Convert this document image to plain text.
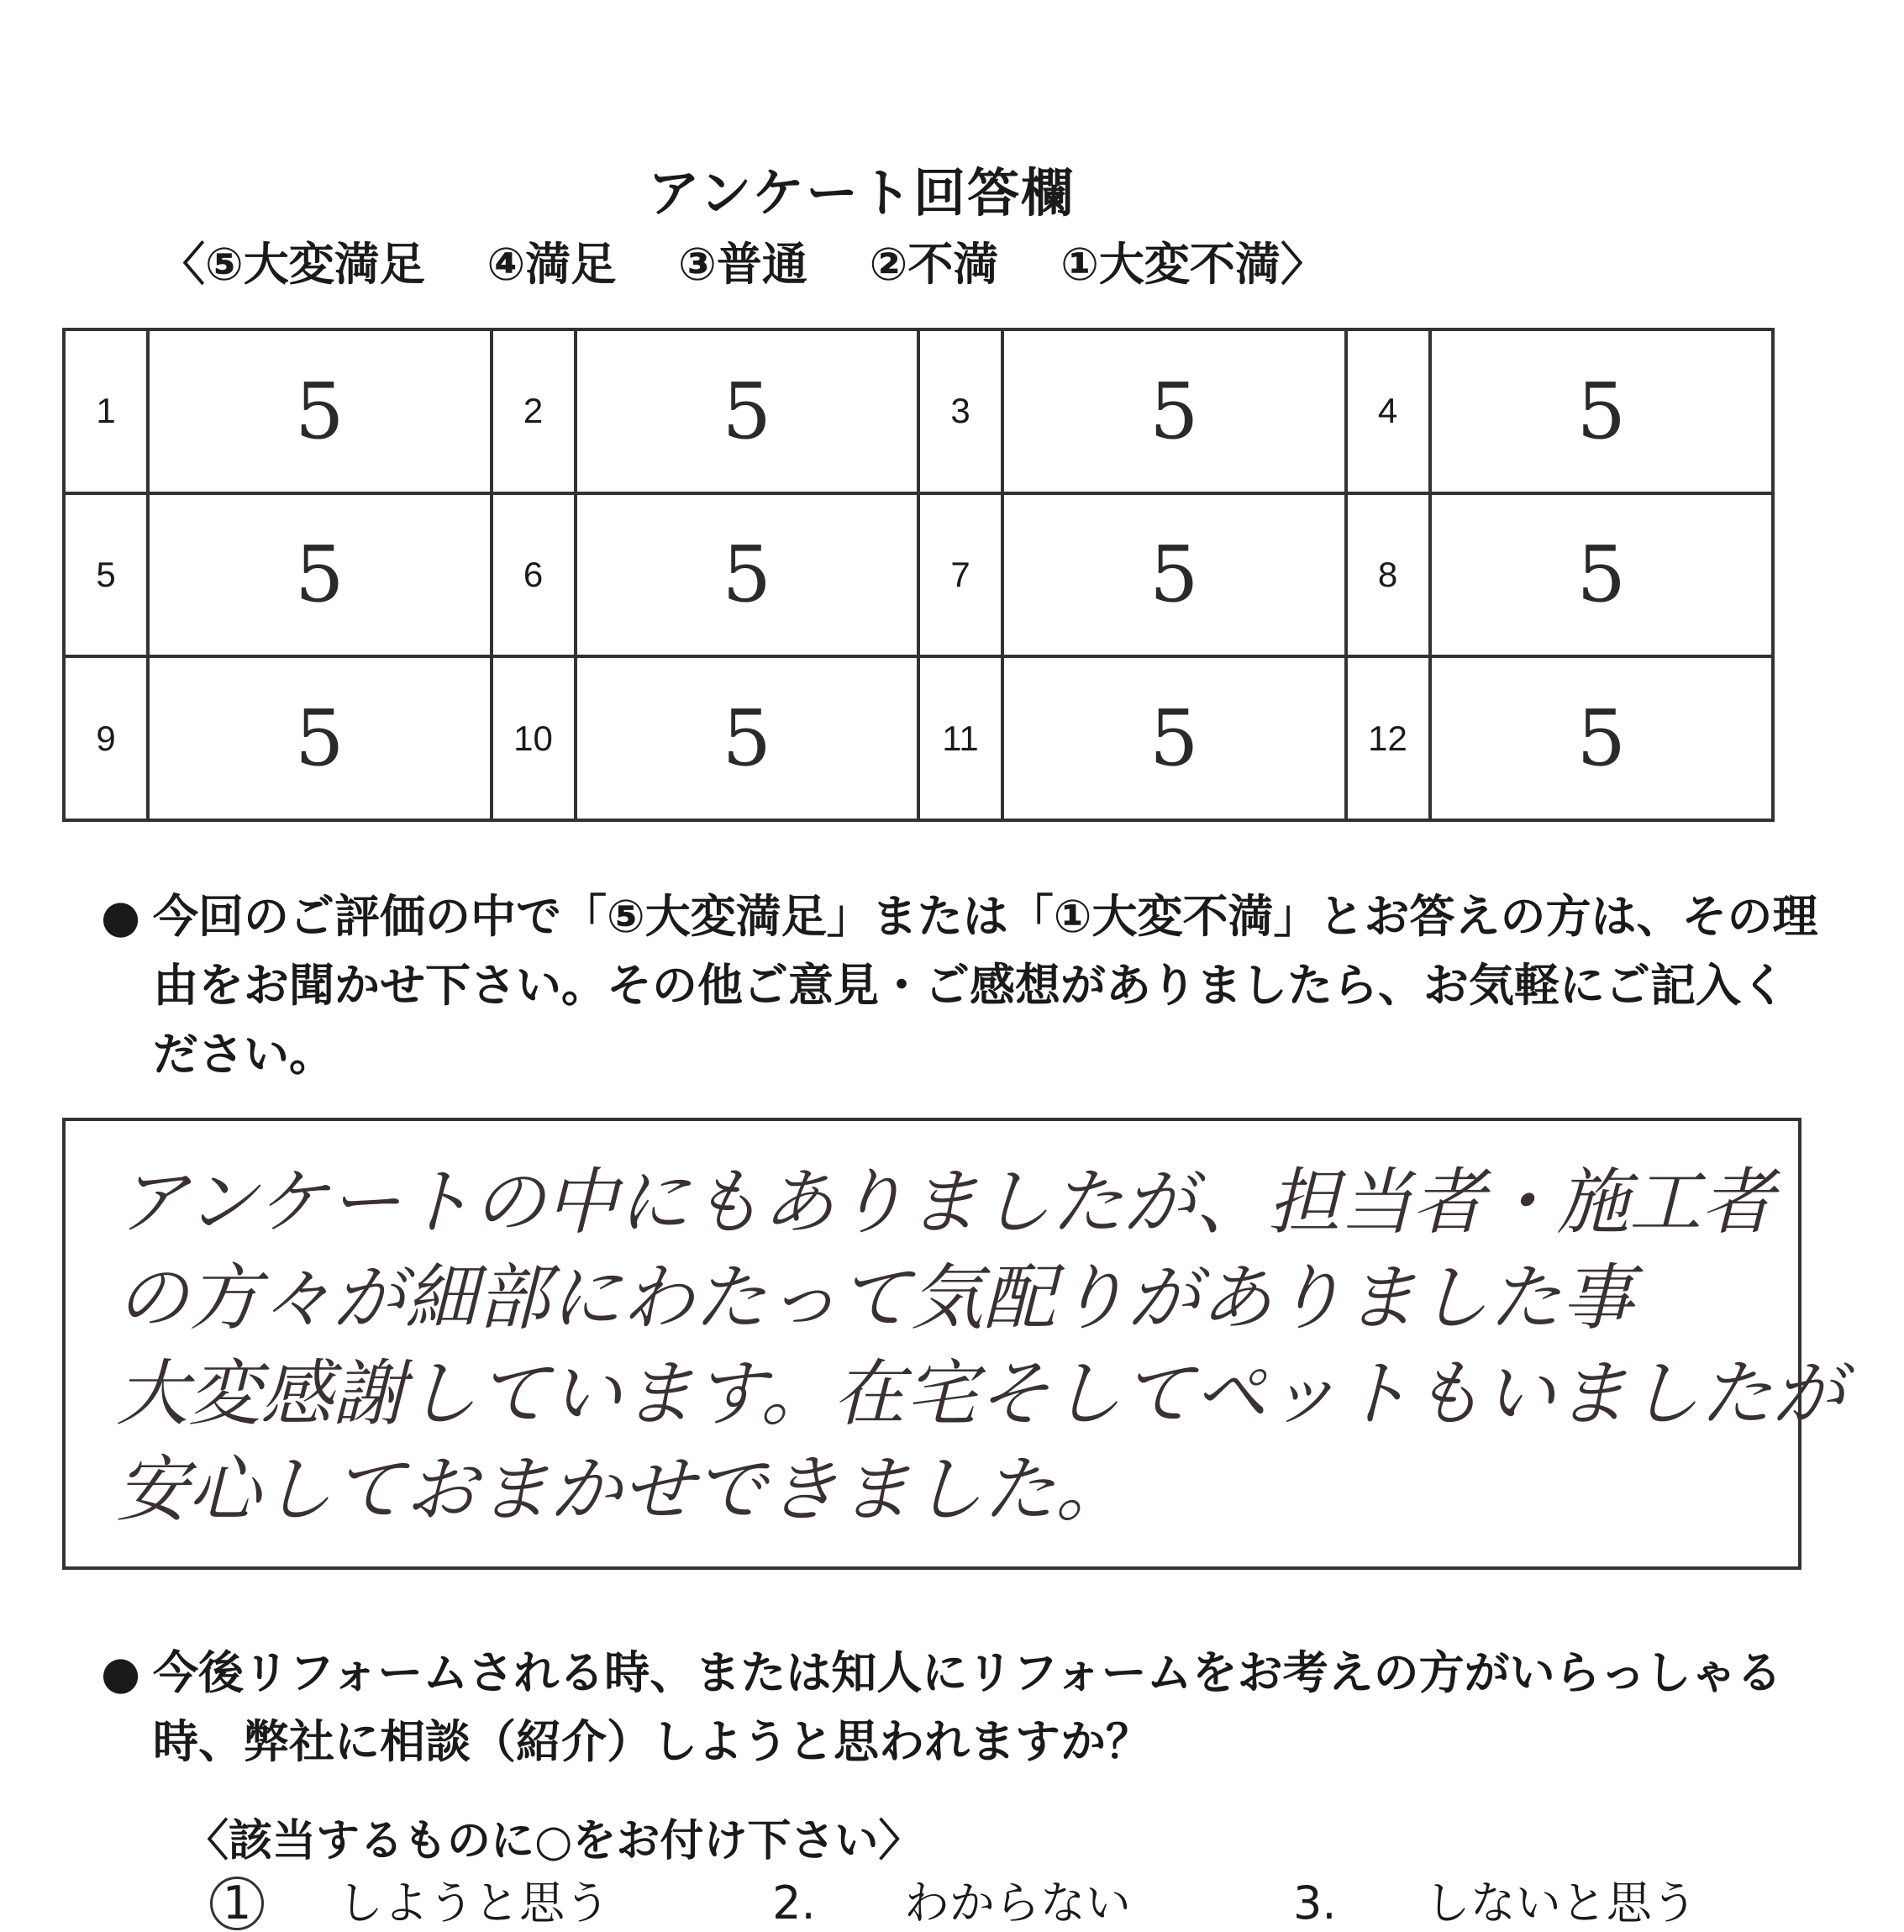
アンケート回答欄
〈⑤大変満足 ④満足 ③普通 ②不満 ①大変不満〉
1	5	2	5	3	5	4	5
5	5	6	5	7	5	8	5
9	5	10	5	11	5	12	5
● 今回のご評価の中で「⑤大変満足」または「①大変不満」とお答えの方は、その理由をお聞かせ下さい。その他ご意見・ご感想がありましたら、お気軽にご記入ください。
アンケートの中にもありましたが、担当者・施工者
の方々が細部にわたって気配りがありました事
大変感謝しています。在宅そしてペットもいましたが
安心しておまかせできました。
● 今後リフォームされる時、または知人にリフォームをお考えの方がいらっしゃる時、弊社に相談（紹介）しようと思われますか？
〈該当するものに○をお付け下さい〉
1 しようと思う	2. わからない	3. しないと思う
